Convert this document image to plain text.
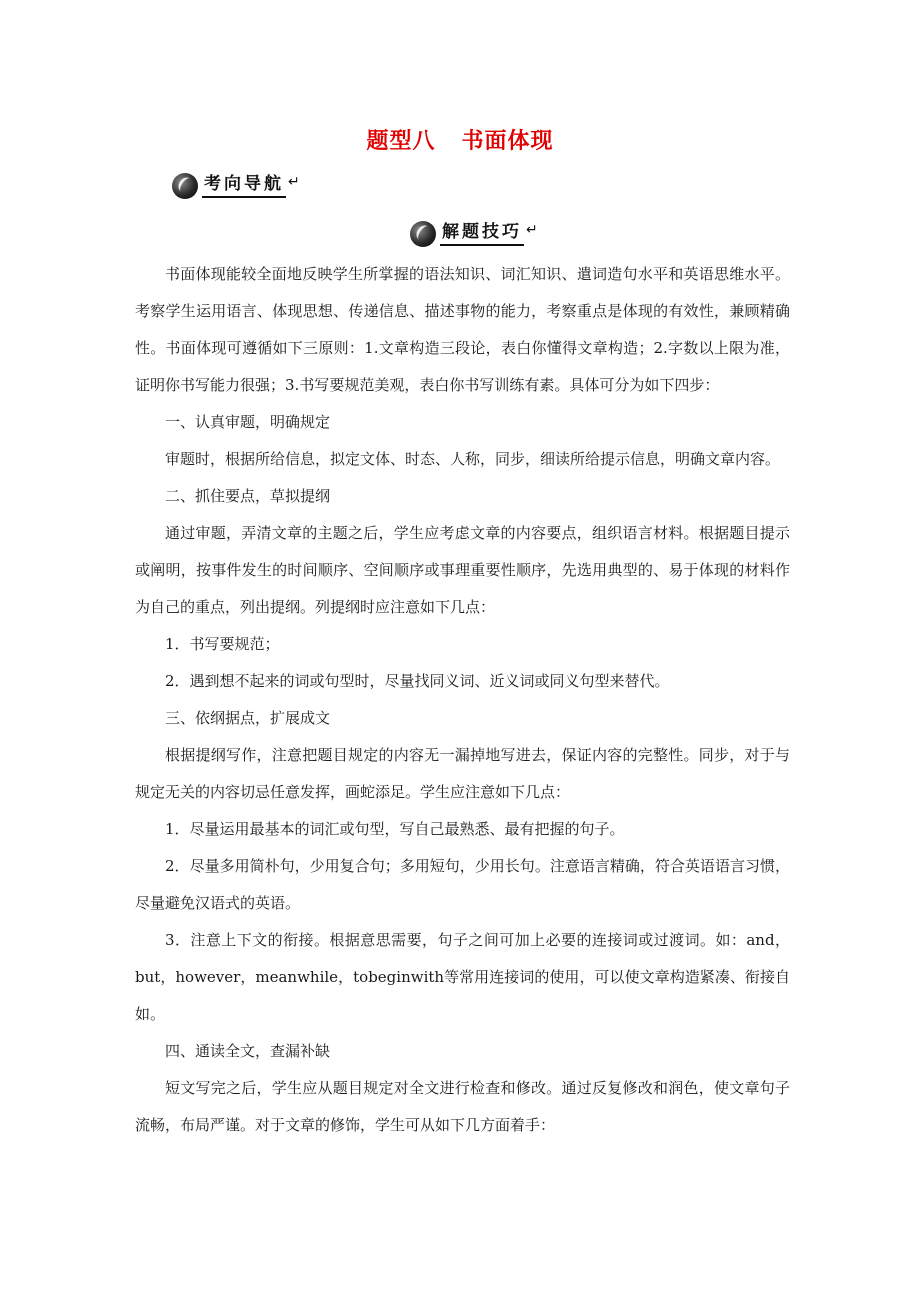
题型八 书面体现
考向导航 ↵
解题技巧 ↵

书面体现能较全面地反映学生所掌握的语法知识、词汇知识、遣词造句水平和英语思维水平。考察学生运用语言、体现思想、传递信息、描述事物的能力，考察重点是体现的有效性，兼顾精确性。书面体现可遵循如下三原则：1.文章构造三段论，表白你懂得文章构造；2.字数以上限为准，证明你书写能力很强；3.书写要规范美观，表白你书写训练有素。具体可分为如下四步：

一、认真审题，明确规定

审题时，根据所给信息，拟定文体、时态、人称，同步，细读所给提示信息，明确文章内容。

二、抓住要点，草拟提纲

通过审题，弄清文章的主题之后，学生应考虑文章的内容要点，组织语言材料。根据题目提示或阐明，按事件发生的时间顺序、空间顺序或事理重要性顺序，先选用典型的、易于体现的材料作为自己的重点，列出提纲。列提纲时应注意如下几点：

1．书写要规范；

2．遇到想不起来的词或句型时，尽量找同义词、近义词或同义句型来替代。

三、依纲据点，扩展成文

根据提纲写作，注意把题目规定的内容无一漏掉地写进去，保证内容的完整性。同步，对于与规定无关的内容切忌任意发挥，画蛇添足。学生应注意如下几点：

1．尽量运用最基本的词汇或句型，写自己最熟悉、最有把握的句子。

2．尽量多用简朴句，少用复合句；多用短句，少用长句。注意语言精确，符合英语语言习惯，尽量避免汉语式的英语。

3．注意上下文的衔接。根据意思需要，句子之间可加上必要的连接词或过渡词。如：and，but，however，meanwhile，tobeginwith等常用连接词的使用，可以使文章构造紧凑、衔接自如。

四、通读全文，查漏补缺

短文写完之后，学生应从题目规定对全文进行检查和修改。通过反复修改和润色，使文章句子流畅，布局严谨。对于文章的修饰，学生可从如下几方面着手：
